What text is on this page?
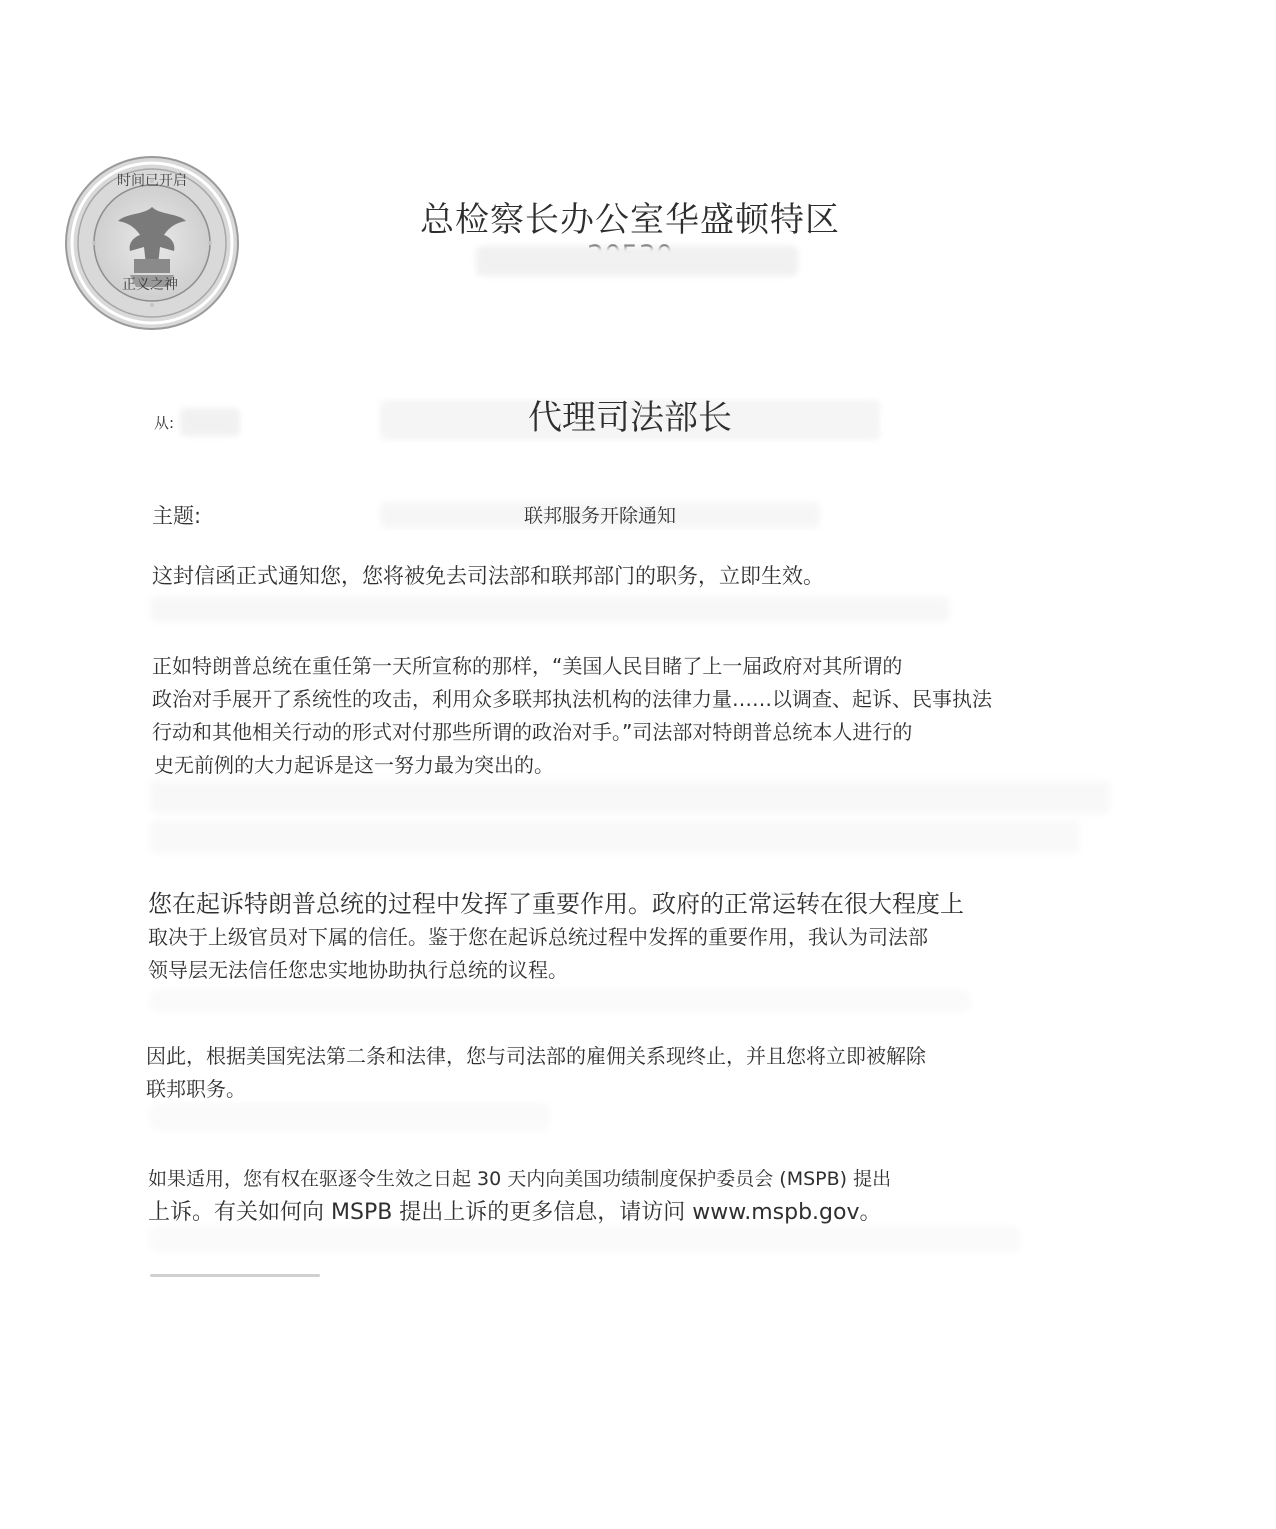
时间已开启
正义之神
总检察长办公室华盛顿特区
从:	代理司法部长
主题:	联邦服务开除通知
这封信函正式通知您，您将被免去司法部和联邦部门的职务，立即生效。
正如特朗普总统在重任第一天所宣称的那样，“美国人民目睹了上一届政府对其所谓的
政治对手展开了系统性的攻击，利用众多联邦执法机构的法律力量……以调查、起诉、民事执法
行动和其他相关行动的形式对付那些所谓的政治对手。”司法部对特朗普总统本人进行的
史无前例的大力起诉是这一努力最为突出的。
您在起诉特朗普总统的过程中发挥了重要作用。政府的正常运转在很大程度上
取决于上级官员对下属的信任。鉴于您在起诉总统过程中发挥的重要作用，我认为司法部
领导层无法信任您忠实地协助执行总统的议程。
因此，根据美国宪法第二条和法律，您与司法部的雇佣关系现终止，并且您将立即被解除
联邦职务。
如果适用，您有权在驱逐令生效之日起 30 天内向美国功绩制度保护委员会 (MSPB) 提出
上诉。有关如何向 MSPB 提出上诉的更多信息，请访问 www.mspb.gov。
